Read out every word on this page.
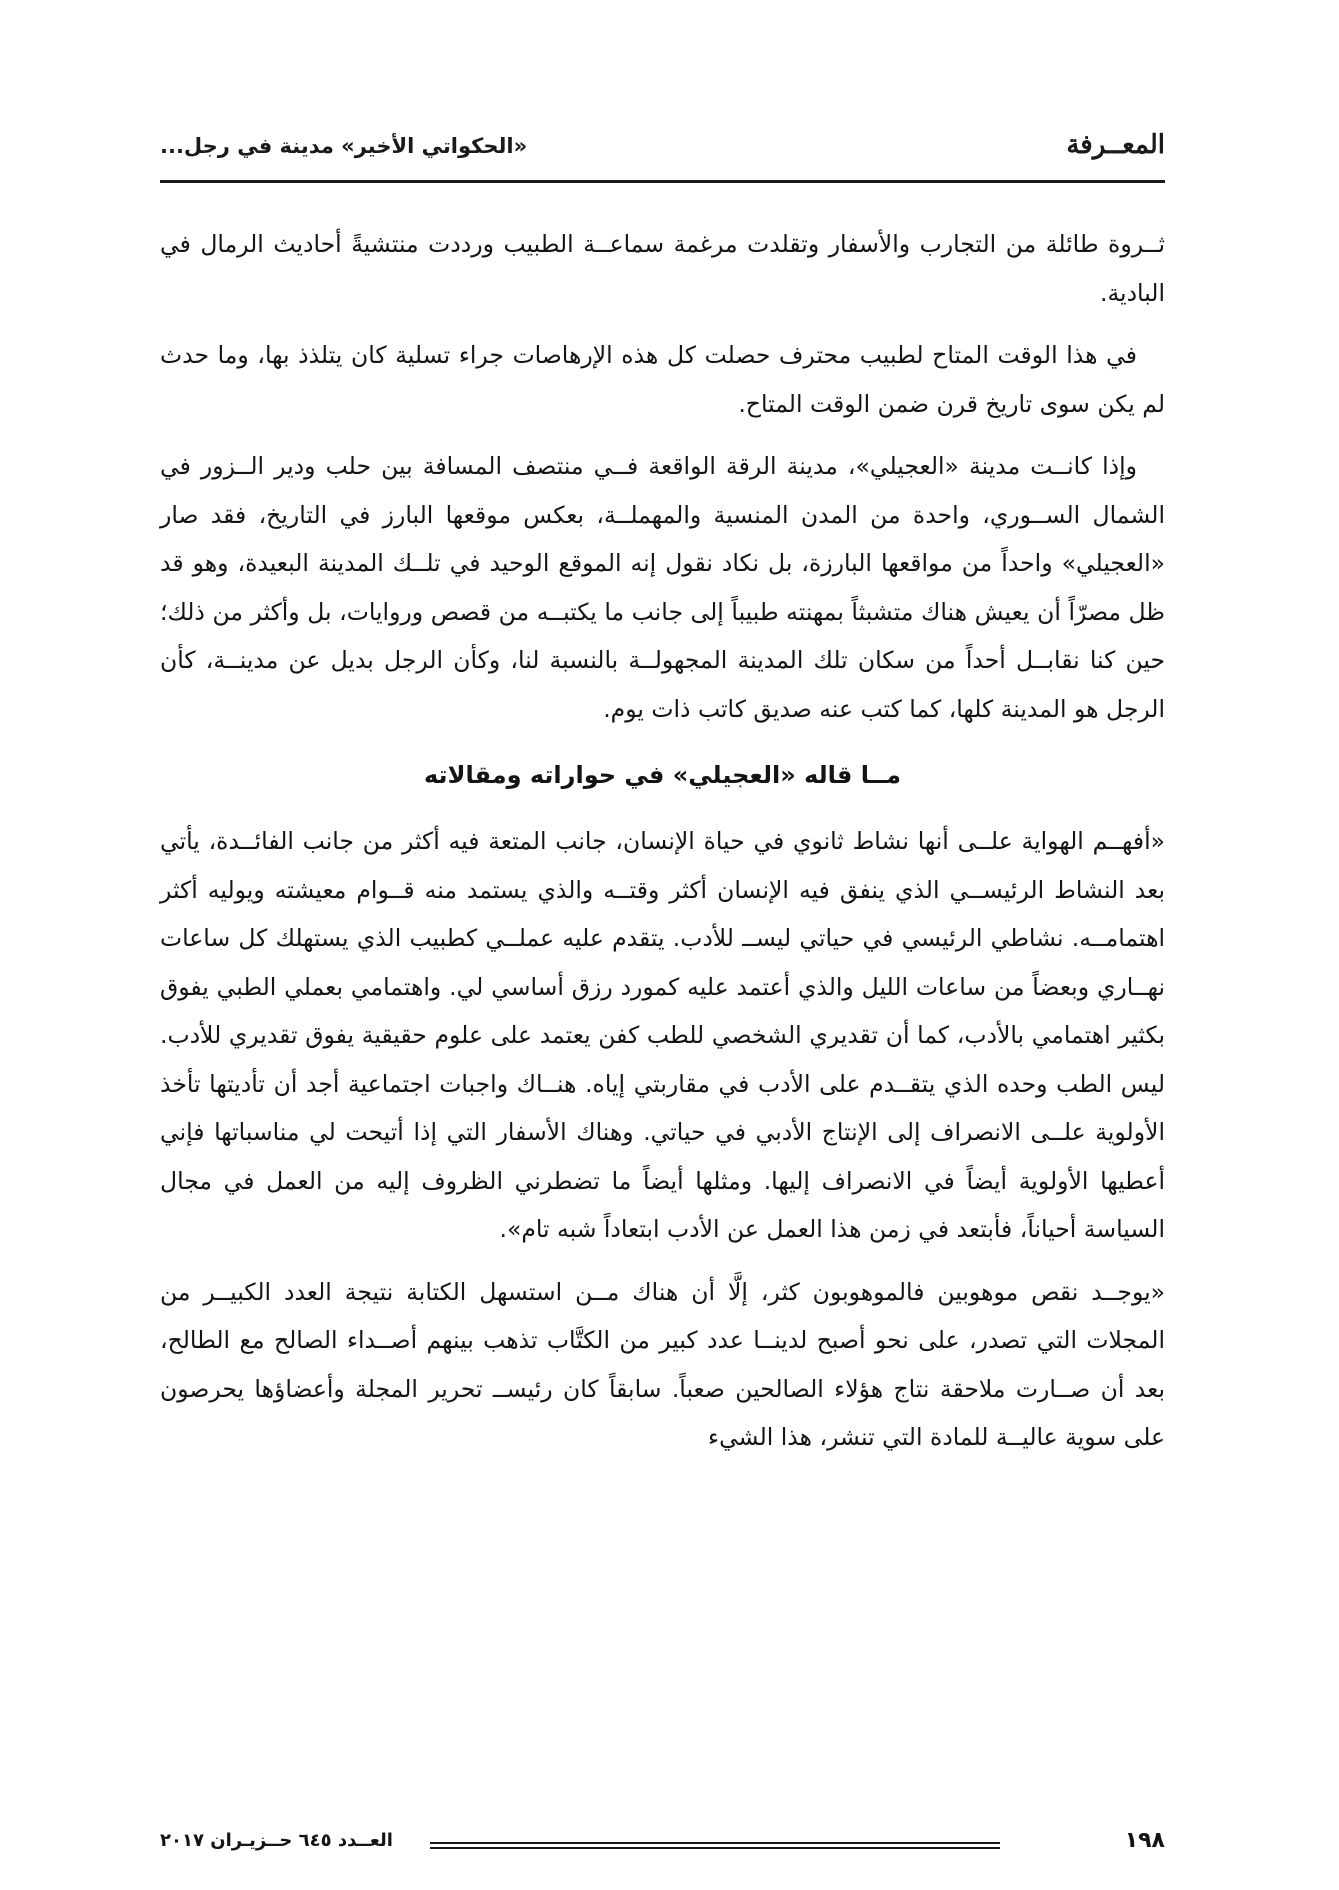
المعــرفة
«الحكواتي الأخير» مدينة في رجل...

ثــروة طائلة من التجارب والأسفار وتقلدت مرغمة سماعــة الطبيب ورددت منتشيةً أحاديث الرمال في البادية.

في هذا الوقت المتاح لطبيب محترف حصلت كل هذه الإرهاصات جراء تسلية كان يتلذذ بها، وما حدث لم يكن سوى تاريخ قرن ضمن الوقت المتاح.

وإذا كانــت مدينة «العجيلي»، مدينة الرقة الواقعة فــي منتصف المسافة بين حلب ودير الــزور في الشمال الســوري، واحدة من المدن المنسية والمهملــة، بعكس موقعها البارز في التاريخ، فقد صار «العجيلي» واحداً من مواقعها البارزة، بل نكاد نقول إنه الموقع الوحيد في تلــك المدينة البعيدة، وهو قد ظل مصرّاً أن يعيش هناك متشبثاً بمهنته طبيباً إلى جانب ما يكتبــه من قصص وروايات، بل وأكثر من ذلك؛ حين كنا نقابــل أحداً من سكان تلك المدينة المجهولــة بالنسبة لنا، وكأن الرجل بديل عن مدينــة، كأن الرجل هو المدينة كلها، كما كتب عنه صديق كاتب ذات يوم.

مــا قاله «العجيلي» في حواراته ومقالاته

«أفهــم الهواية علــى أنها نشاط ثانوي في حياة الإنسان، جانب المتعة فيه أكثر من جانب الفائــدة، يأتي بعد النشاط الرئيســي الذي ينفق فيه الإنسان أكثر وقتــه والذي يستمد منه قــوام معيشته ويوليه أكثر اهتمامــه. نشاطي الرئيسي في حياتي ليســ للأدب. يتقدم عليه عملــي كطبيب الذي يستهلك كل ساعات نهــاري وبعضاً من ساعات الليل والذي أعتمد عليه كمورد رزق أساسي لي. واهتمامي بعملي الطبي يفوق بكثير اهتمامي بالأدب، كما أن تقديري الشخصي للطب كفن يعتمد على علوم حقيقية يفوق تقديري للأدب. ليس الطب وحده الذي يتقــدم على الأدب في مقاربتي إياه. هنــاك واجبات اجتماعية أجد أن تأديتها تأخذ الأولوية علــى الانصراف إلى الإنتاج الأدبي في حياتي. وهناك الأسفار التي إذا أتيحت لي مناسباتها فإني أعطيها الأولوية أيضاً في الانصراف إليها. ومثلها أيضاً ما تضطرني الظروف إليه من العمل في مجال السياسة أحياناً، فأبتعد في زمن هذا العمل عن الأدب ابتعاداً شبه تام».

«يوجــد نقص موهوبين فالموهوبون كثر، إلَّا أن هناك مــن استسهل الكتابة نتيجة العدد الكبيــر من المجلات التي تصدر، على نحو أصبح لدينــا عدد كبير من الكتَّاب تذهب بينهم أصــداء الصالح مع الطالح، بعد أن صــارت ملاحقة نتاج هؤلاء الصالحين صعباً. سابقاً كان رئيســ تحرير المجلة وأعضاؤها يحرصون على سوية عاليــة للمادة التي تنشر، هذا الشيء

١٩٨
العــدد ٦٤٥ حــزيـران ٢٠١٧
